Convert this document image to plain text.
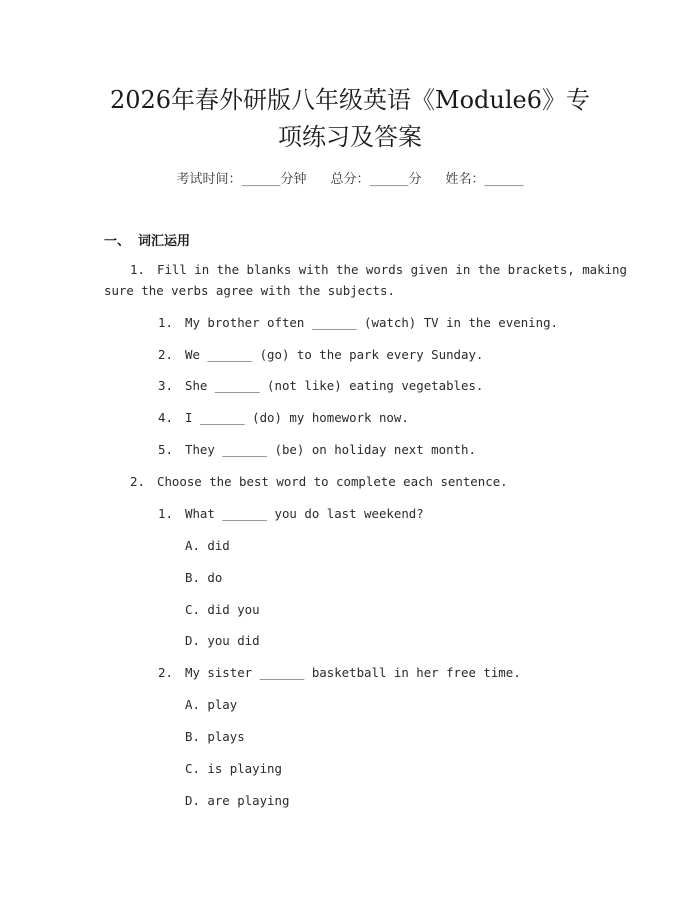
2026年春外研版八年级英语《Module6》专
项练习及答案
考试时间：______分钟 总分：______分 姓名：______
一、 词汇运用
1. Fill in the blanks with the words given in the brackets, making
sure the verbs agree with the subjects.
1. My brother often ______ (watch) TV in the evening.
2. We ______ (go) to the park every Sunday.
3. She ______ (not like) eating vegetables.
4. I ______ (do) my homework now.
5. They ______ (be) on holiday next month.
2. Choose the best word to complete each sentence.
1. What ______ you do last weekend?
A. did
B. do
C. did you
D. you did
2. My sister ______ basketball in her free time.
A. play
B. plays
C. is playing
D. are playing
